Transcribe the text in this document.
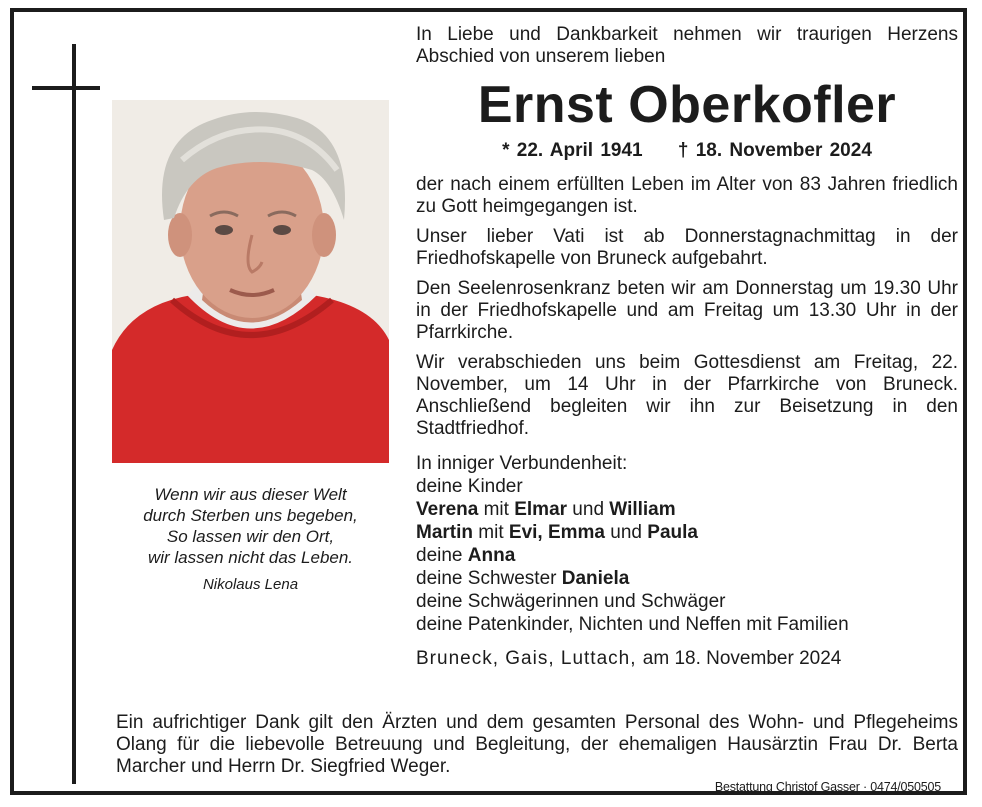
Wenn wir aus dieser Welt
durch Sterben uns begeben,
So lassen wir den Ort,
wir lassen nicht das Leben.
Nikolaus Lena
In Liebe und Dankbarkeit nehmen wir traurigen Herzens Abschied von unserem lieben
Ernst Oberkofler
* 22. April 1941 † 18. November 2024
der nach einem erfüllten Leben im Alter von 83 Jahren friedlich zu Gott heimgegangen ist.
Unser lieber Vati ist ab Donnerstagnachmittag in der Friedhofskapelle von Bruneck aufgebahrt.
Den Seelenrosenkranz beten wir am Donnerstag um 19.30 Uhr in der Friedhofskapelle und am Freitag um 13.30 Uhr in der Pfarrkirche.
Wir verabschieden uns beim Gottesdienst am Freitag, 22. November, um 14 Uhr in der Pfarrkirche von Bruneck. Anschließend begleiten wir ihn zur Beisetzung in den Stadtfriedhof.
In inniger Verbundenheit:
deine Kinder
Verena mit Elmar und William
Martin mit Evi, Emma und Paula
deine Anna
deine Schwester Daniela
deine Schwägerinnen und Schwäger
deine Patenkinder, Nichten und Neffen mit Familien
Bruneck, Gais, Luttach, am 18. November 2024
Ein aufrichtiger Dank gilt den Ärzten und dem gesamten Personal des Wohn- und Pflegeheims Olang für die liebevolle Betreuung und Begleitung, der ehemaligen Hausärztin Frau Dr. Berta Marcher und Herrn Dr. Siegfried Weger.
Bestattung Christof Gasser · 0474/050505
